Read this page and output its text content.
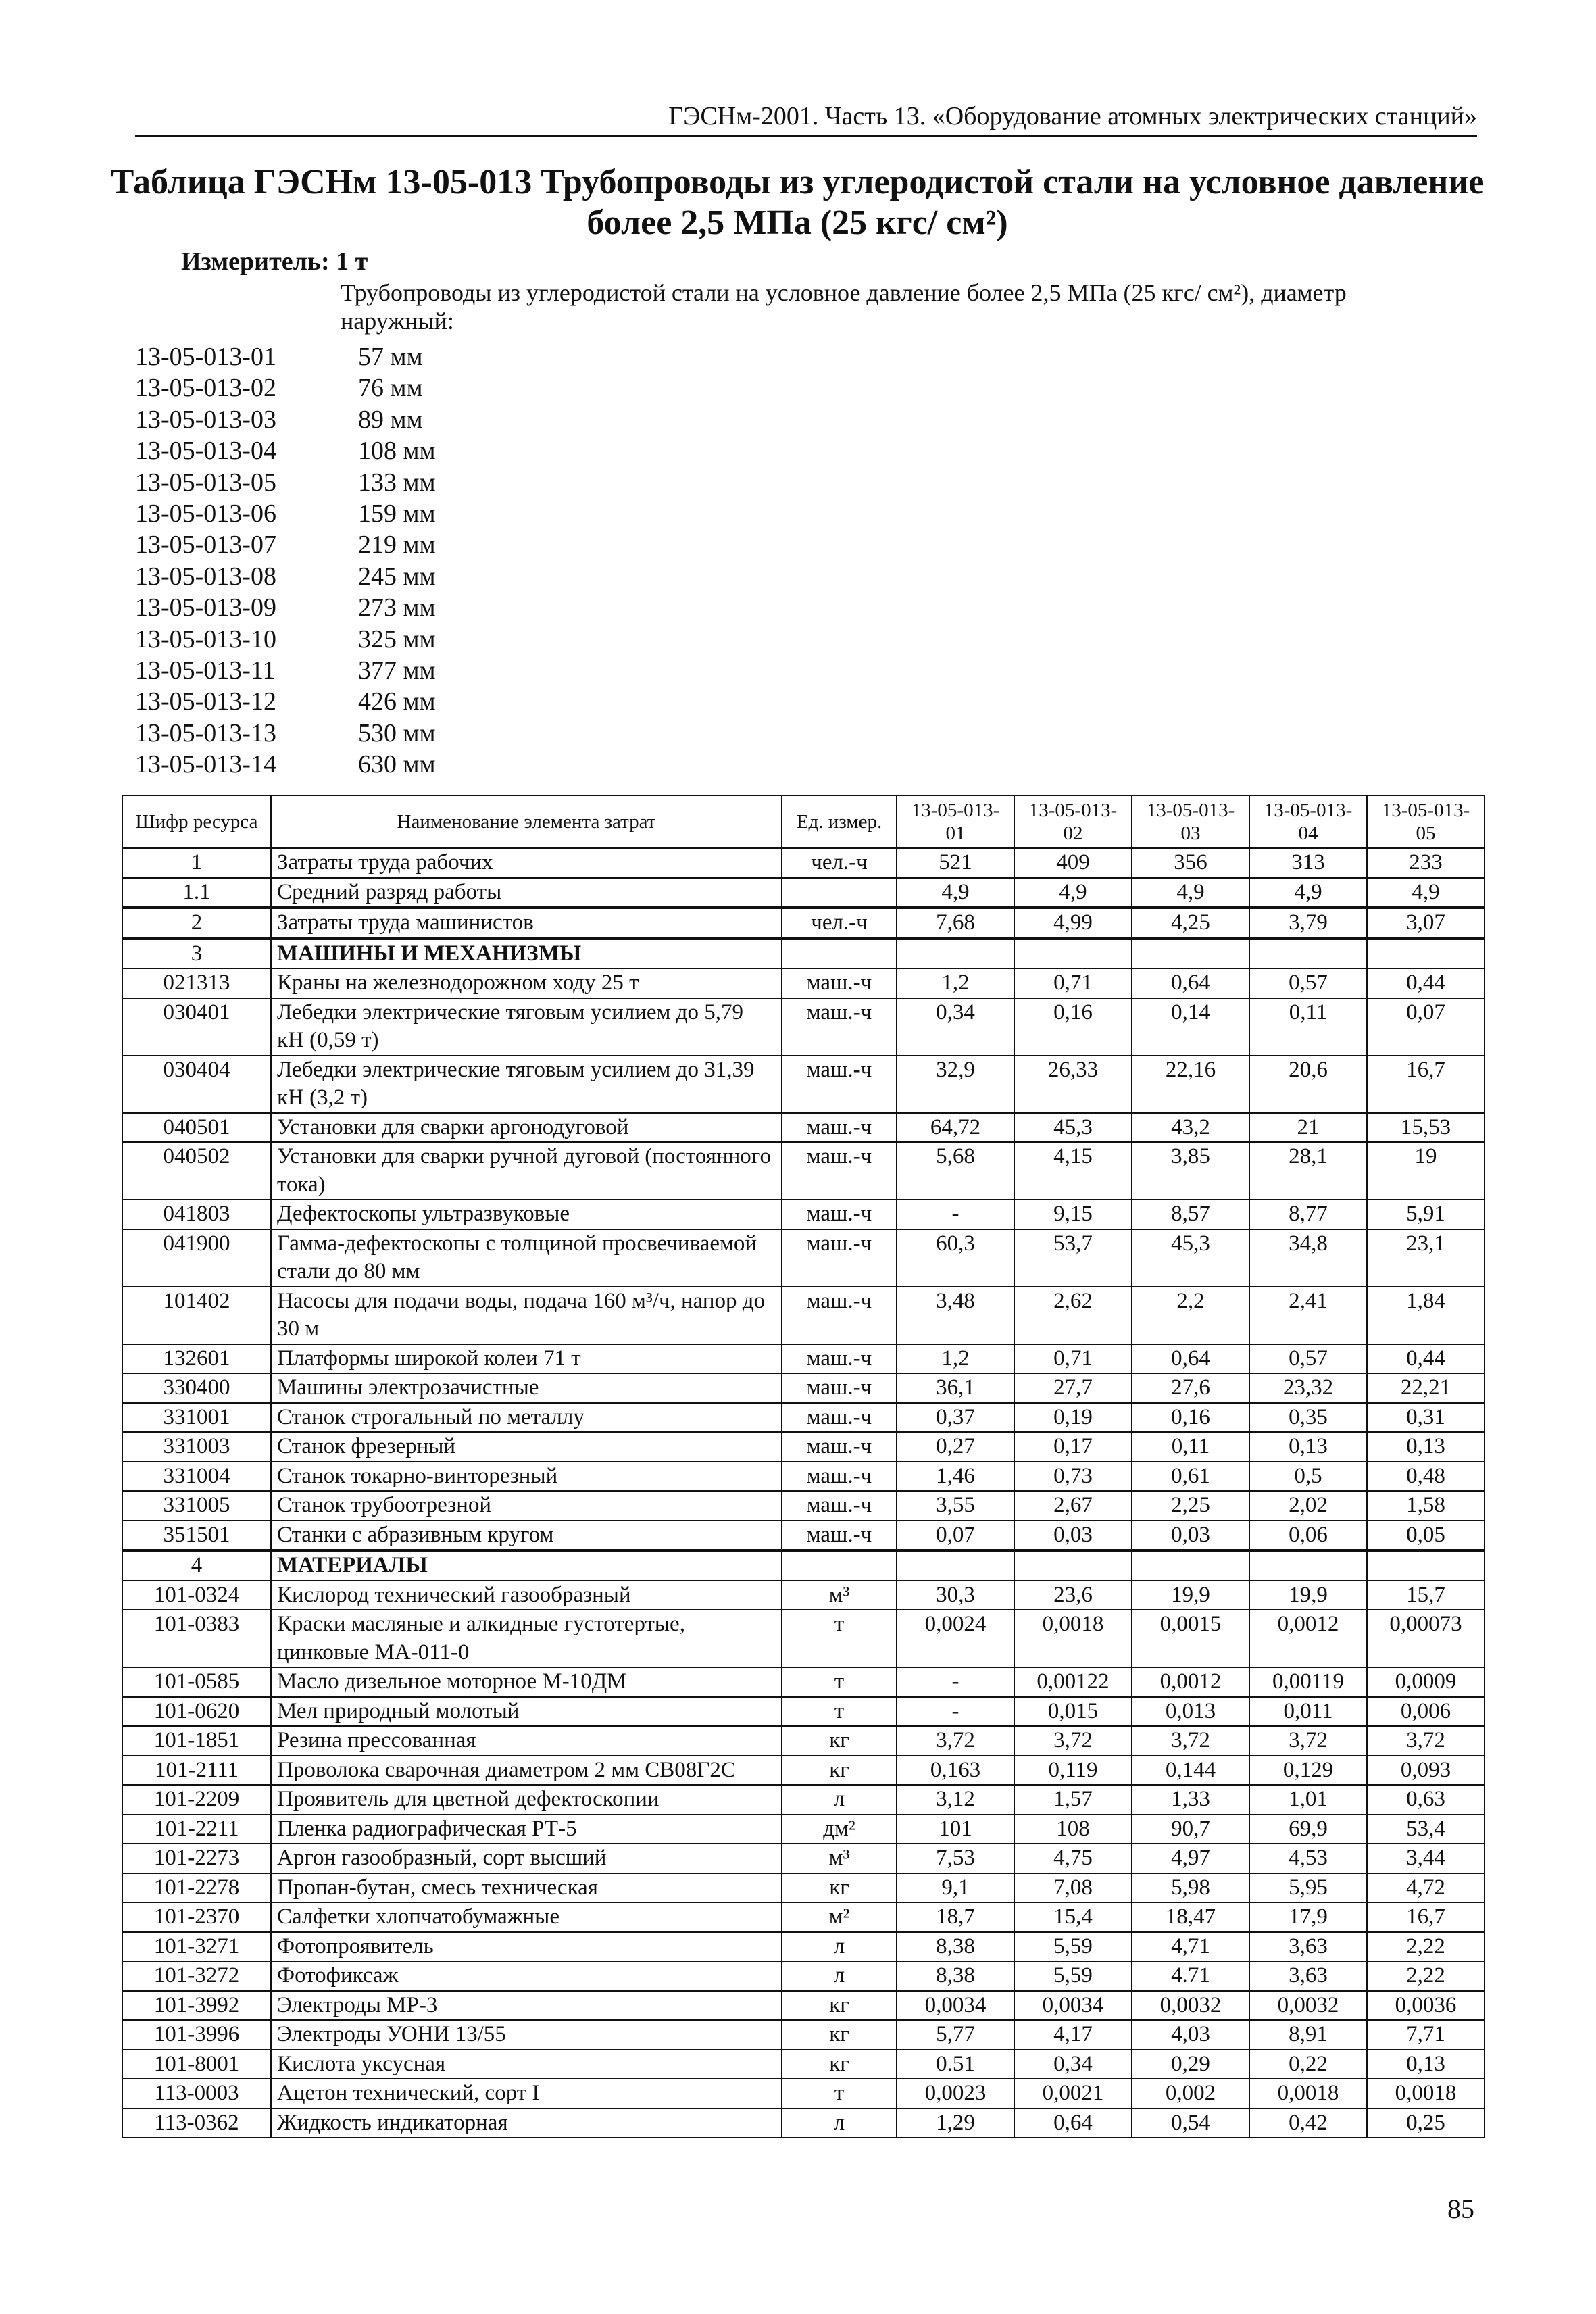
ГЭСНм-2001. Часть 13. «Оборудование атомных электрических станций»
Таблица ГЭСНм 13-05-013 Трубопроводы из углеродистой стали на условное давление
более 2,5 МПа (25 кгс/ см²)
Измеритель: 1 т
Трубопроводы из углеродистой стали на условное давление более 2,5 МПа (25 кгс/ см²), диаметр наружный:
13-05-013-01	57 мм
13-05-013-02	76 мм
13-05-013-03	89 мм
13-05-013-04	108 мм
13-05-013-05	133 мм
13-05-013-06	159 мм
13-05-013-07	219 мм
13-05-013-08	245 мм
13-05-013-09	273 мм
13-05-013-10	325 мм
13-05-013-11	377 мм
13-05-013-12	426 мм
13-05-013-13	530 мм
13-05-013-14	630 мм
Шифр ресурса	Наименование элемента затрат	Ед. измер.	13-05-013-01	13-05-013-02	13-05-013-03	13-05-013-04	13-05-013-05
1	Затраты труда рабочих	чел.-ч	521	409	356	313	233
1.1	Средний разряд работы		4,9	4,9	4,9	4,9	4,9
2	Затраты труда машинистов	чел.-ч	7,68	4,99	4,25	3,79	3,07
3	МАШИНЫ И МЕХАНИЗМЫ						
021313	Краны на железнодорожном ходу 25 т	маш.-ч	1,2	0,71	0,64	0,57	0,44
030401	Лебедки электрические тяговым усилием до 5,79 кН (0,59 т)	маш.-ч	0,34	0,16	0,14	0,11	0,07
030404	Лебедки электрические тяговым усилием до 31,39 кН (3,2 т)	маш.-ч	32,9	26,33	22,16	20,6	16,7
040501	Установки для сварки аргонодуговой	маш.-ч	64,72	45,3	43,2	21	15,53
040502	Установки для сварки ручной дуговой (постоянного тока)	маш.-ч	5,68	4,15	3,85	28,1	19
041803	Дефектоскопы ультразвуковые	маш.-ч	-	9,15	8,57	8,77	5,91
041900	Гамма-дефектоскопы с толщиной просвечиваемой стали до 80 мм	маш.-ч	60,3	53,7	45,3	34,8	23,1
101402	Насосы для подачи воды, подача 160 м³/ч, напор до 30 м	маш.-ч	3,48	2,62	2,2	2,41	1,84
132601	Платформы широкой колеи 71 т	маш.-ч	1,2	0,71	0,64	0,57	0,44
330400	Машины электрозачистные	маш.-ч	36,1	27,7	27,6	23,32	22,21
331001	Станок строгальный по металлу	маш.-ч	0,37	0,19	0,16	0,35	0,31
331003	Станок фрезерный	маш.-ч	0,27	0,17	0,11	0,13	0,13
331004	Станок токарно-винторезный	маш.-ч	1,46	0,73	0,61	0,5	0,48
331005	Станок трубоотрезной	маш.-ч	3,55	2,67	2,25	2,02	1,58
351501	Станки с абразивным кругом	маш.-ч	0,07	0,03	0,03	0,06	0,05
4	МАТЕРИАЛЫ						
101-0324	Кислород технический газообразный	м³	30,3	23,6	19,9	19,9	15,7
101-0383	Краски масляные и алкидные густотертые, цинковые МА-011-0	т	0,0024	0,0018	0,0015	0,0012	0,00073
101-0585	Масло дизельное моторное М-10ДМ	т	-	0,00122	0,0012	0,00119	0,0009
101-0620	Мел природный молотый	т	-	0,015	0,013	0,011	0,006
101-1851	Резина прессованная	кг	3,72	3,72	3,72	3,72	3,72
101-2111	Проволока сварочная диаметром 2 мм СВ08Г2С	кг	0,163	0,119	0,144	0,129	0,093
101-2209	Проявитель для цветной дефектоскопии	л	3,12	1,57	1,33	1,01	0,63
101-2211	Пленка радиографическая РТ-5	дм²	101	108	90,7	69,9	53,4
101-2273	Аргон газообразный, сорт высший	м³	7,53	4,75	4,97	4,53	3,44
101-2278	Пропан-бутан, смесь техническая	кг	9,1	7,08	5,98	5,95	4,72
101-2370	Салфетки хлопчатобумажные	м²	18,7	15,4	18,47	17,9	16,7
101-3271	Фотопроявитель	л	8,38	5,59	4,71	3,63	2,22
101-3272	Фотофиксаж	л	8,38	5,59	4.71	3,63	2,22
101-3992	Электроды МР-3	кг	0,0034	0,0034	0,0032	0,0032	0,0036
101-3996	Электроды УОНИ 13/55	кг	5,77	4,17	4,03	8,91	7,71
101-8001	Кислота уксусная	кг	0.51	0,34	0,29	0,22	0,13
113-0003	Ацетон технический, сорт I	т	0,0023	0,0021	0,002	0,0018	0,0018
113-0362	Жидкость индикаторная	л	1,29	0,64	0,54	0,42	0,25
85
